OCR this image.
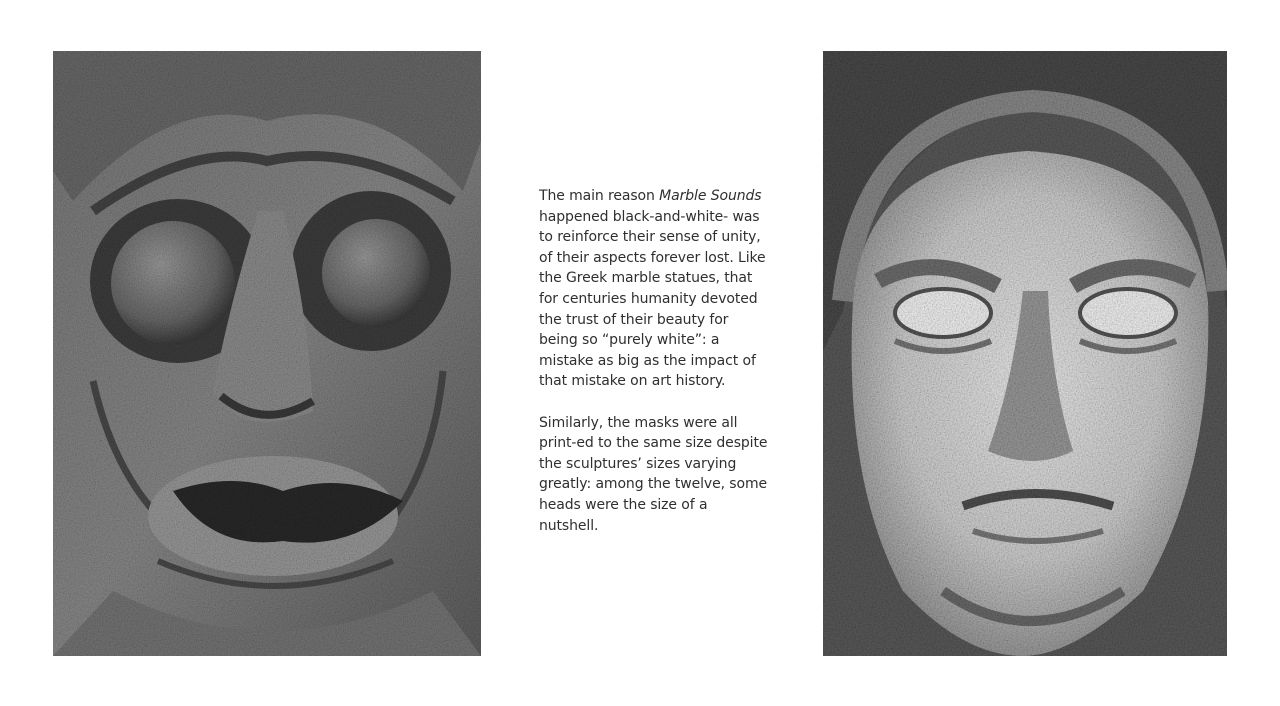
The main reason Marble Sounds happened black-and-white- was to reinforce their sense of unity, of their aspects forever lost. Like the Greek marble statues, that for centuries humanity devoted the trust of their beauty for being so “purely white”: a mistake as big as the impact of that mistake on art history.

Similarly, the masks were all print-ed to the same size despite the sculptures’ sizes varying greatly: among the twelve, some heads were the size of a nutshell.
